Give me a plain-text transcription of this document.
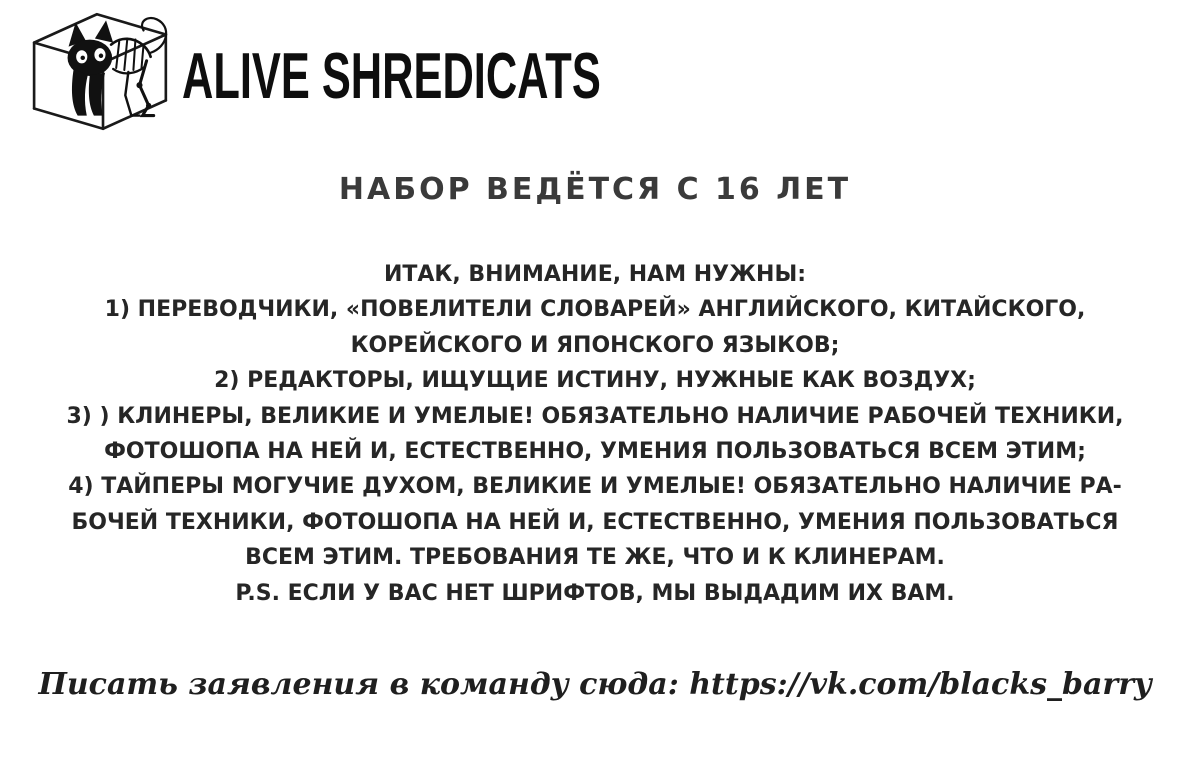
ALIVE SHREDICATS
НАБОР ВЕДЁТСЯ С 16 ЛЕТ
ИТАК, ВНИМАНИЕ, НАМ НУЖНЫ:
1) ПЕРЕВОДЧИКИ, «ПОВЕЛИТЕЛИ СЛОВАРЕЙ» АНГЛИЙСКОГО, КИТАЙСКОГО,
КОРЕЙСКОГО И ЯПОНСКОГО ЯЗЫКОВ;
2) РЕДАКТОРЫ, ИЩУЩИЕ ИСТИНУ, НУЖНЫЕ КАК ВОЗДУХ;
3) ) КЛИНЕРЫ, ВЕЛИКИЕ И УМЕЛЫЕ! ОБЯЗАТЕЛЬНО НАЛИЧИЕ РАБОЧЕЙ ТЕХНИКИ,
ФОТОШОПА НА НЕЙ И, ЕСТЕСТВЕННО, УМЕНИЯ ПОЛЬЗОВАТЬСЯ ВСЕМ ЭТИМ;
4) ТАЙПЕРЫ МОГУЧИЕ ДУХОМ, ВЕЛИКИЕ И УМЕЛЫЕ! ОБЯЗАТЕЛЬНО НАЛИЧИЕ РА-
БОЧЕЙ ТЕХНИКИ, ФОТОШОПА НА НЕЙ И, ЕСТЕСТВЕННО, УМЕНИЯ ПОЛЬЗОВАТЬСЯ
ВСЕМ ЭТИМ. ТРЕБОВАНИЯ ТЕ ЖЕ, ЧТО И К КЛИНЕРАМ.
P.S. ЕСЛИ У ВАС НЕТ ШРИФТОВ, МЫ ВЫДАДИМ ИХ ВАМ.
Писать заявления в команду сюда: https://vk.com/blacks_barry
